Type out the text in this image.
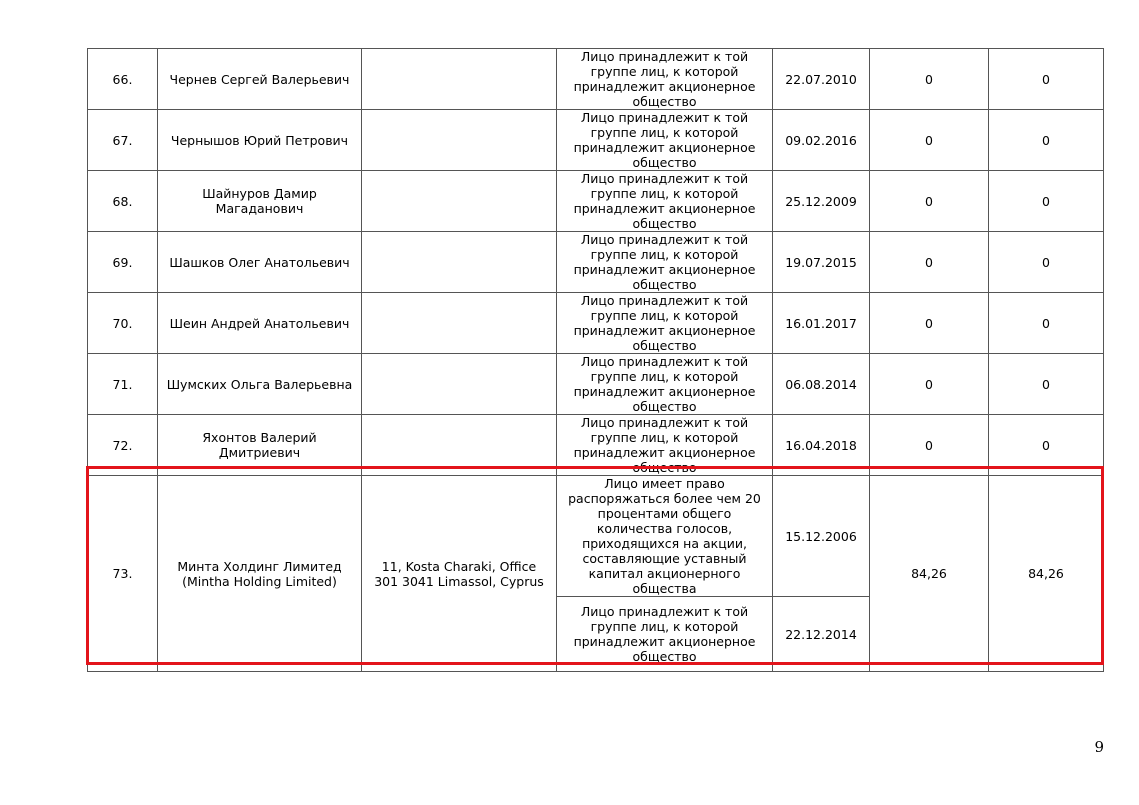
66.	Чернев Сергей Валерьевич		Лицо принадлежит к той группе лиц, к которой принадлежит акционерное общество	22.07.2010	0	0
67.	Чернышов Юрий Петрович		Лицо принадлежит к той группе лиц, к которой принадлежит акционерное общество	09.02.2016	0	0
68.	Шайнуров Дамир Магаданович		Лицо принадлежит к той группе лиц, к которой принадлежит акционерное общество	25.12.2009	0	0
69.	Шашков Олег Анатольевич		Лицо принадлежит к той группе лиц, к которой принадлежит акционерное общество	19.07.2015	0	0
70.	Шеин Андрей Анатольевич		Лицо принадлежит к той группе лиц, к которой принадлежит акционерное общество	16.01.2017	0	0
71.	Шумских Ольга Валерьевна		Лицо принадлежит к той группе лиц, к которой принадлежит акционерное общество	06.08.2014	0	0
72.	Яхонтов Валерий Дмитриевич		Лицо принадлежит к той группе лиц, к которой принадлежит акционерное общество	16.04.2018	0	0
73.	Минта Холдинг Лимитед (Mintha Holding Limited)	11, Kosta Charaki, Office 301 3041 Limassol, Cyprus	Лицо имеет право распоряжаться более чем 20 процентами общего количества голосов, приходящихся на акции, составляющие уставный капитал акционерного общества	15.12.2006	84,26	84,26
			Лицо принадлежит к той группе лиц, к которой принадлежит акционерное общество	22.12.2014		
9
